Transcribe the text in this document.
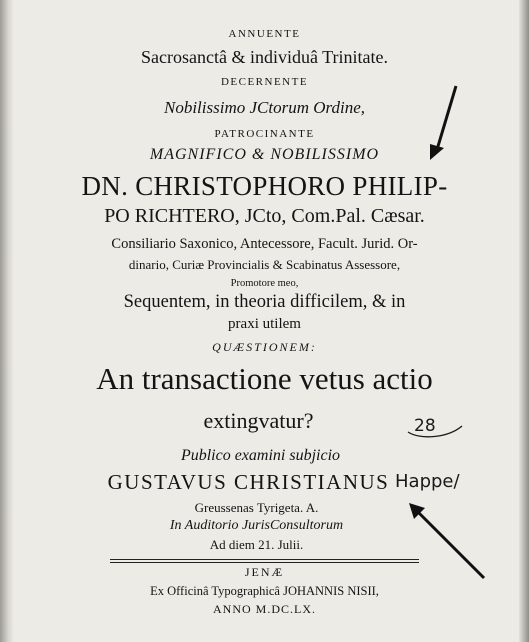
ANNUENTE
Sacrosanctâ & individuâ Trinitate.
DECERNENTE
Nobilissimo JCtorum Ordine,
PATROCINANTE
MAGNIFICO & NOBILISSIMO
DN. CHRISTOPHORO PHILIP-
PO RICHTERO, JCto, Com.Pal. Cæsar.
Consiliario Saxonico, Antecessore, Facult. Jurid. Or-
dinario, Curiæ Provincialis & Scabinatus Assessore,
Promotore meo,
Sequentem, in theoria difficilem, & in
praxi utilem
QUÆSTIONEM:
An transactione vetus actio
extingvatur?
Publico examini subjicio
GUSTAVUS CHRISTIANUS
Greussenas Tyrigeta. A.
In Auditorio JurisConsultorum
Ad diem 21. Julii.
JENÆ
Ex Officinâ Typographicâ JOHANNIS NISII,
ANNO M.DC.LX.
28
Happe/
